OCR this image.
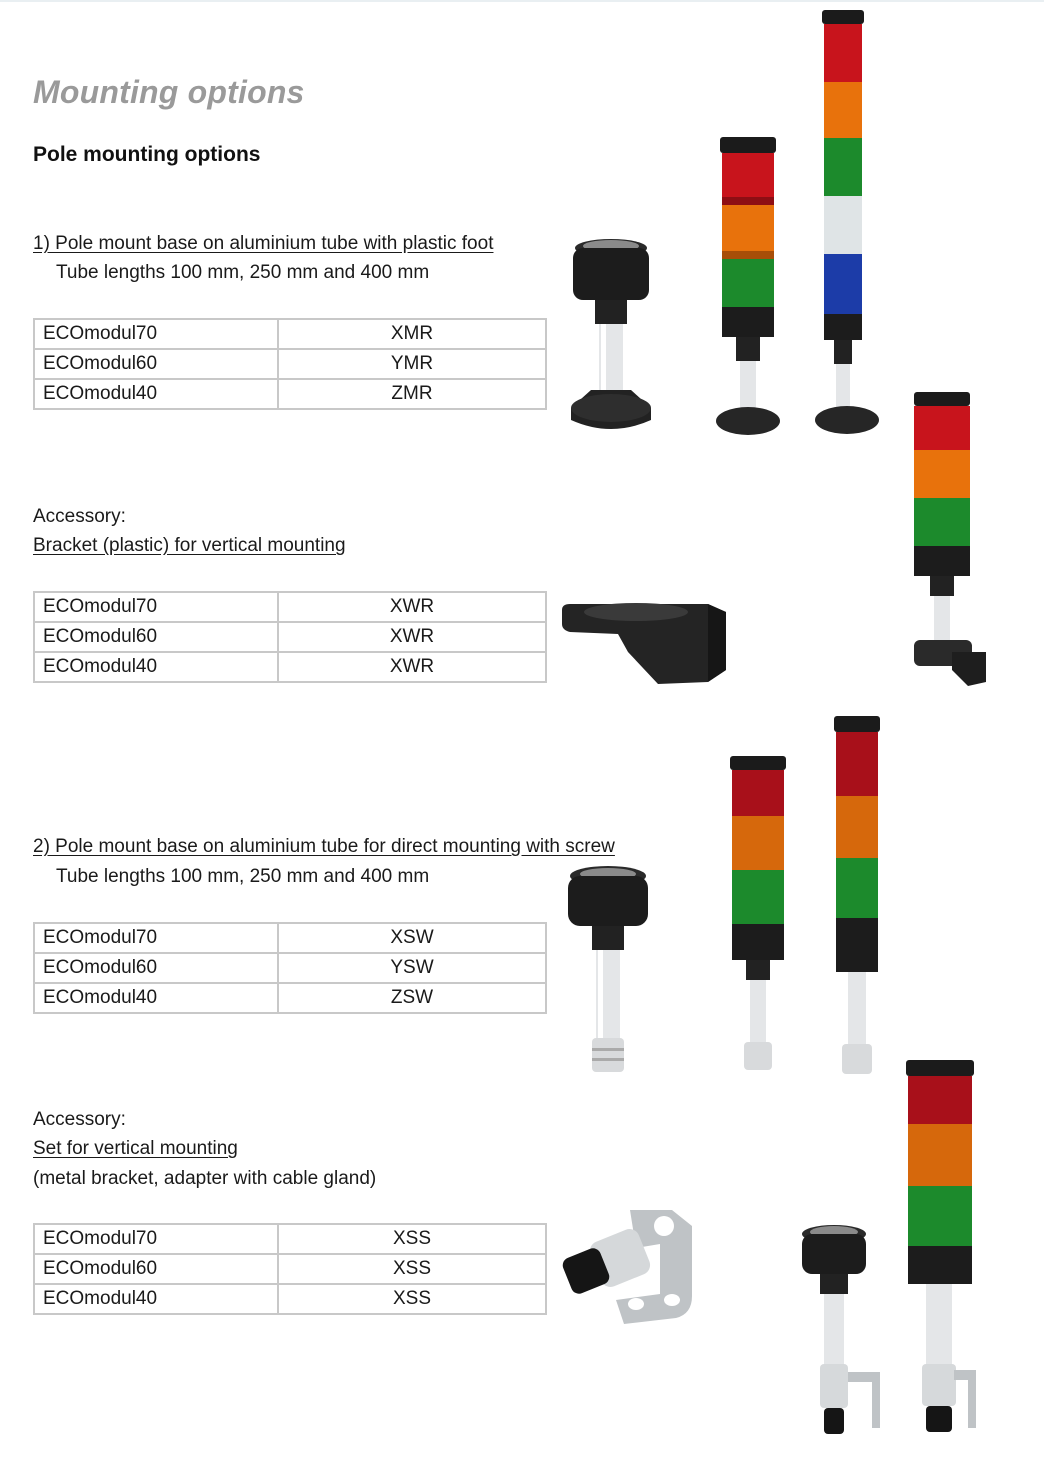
Mounting options
Pole mounting options
1) Pole mount base on aluminium tube with plastic foot
Tube lengths 100 mm, 250 mm and 400 mm
ECOmodul70	XMR
ECOmodul60	YMR
ECOmodul40	ZMR
Accessory:
Bracket (plastic) for vertical mounting
ECOmodul70	XWR
ECOmodul60	XWR
ECOmodul40	XWR
2) Pole mount base on aluminium tube for direct mounting with screw
Tube lengths 100 mm, 250 mm and 400 mm
ECOmodul70	XSW
ECOmodul60	YSW
ECOmodul40	ZSW
Accessory:
Set for vertical mounting
(metal bracket, adapter with cable gland)
ECOmodul70	XSS
ECOmodul60	XSS
ECOmodul40	XSS
